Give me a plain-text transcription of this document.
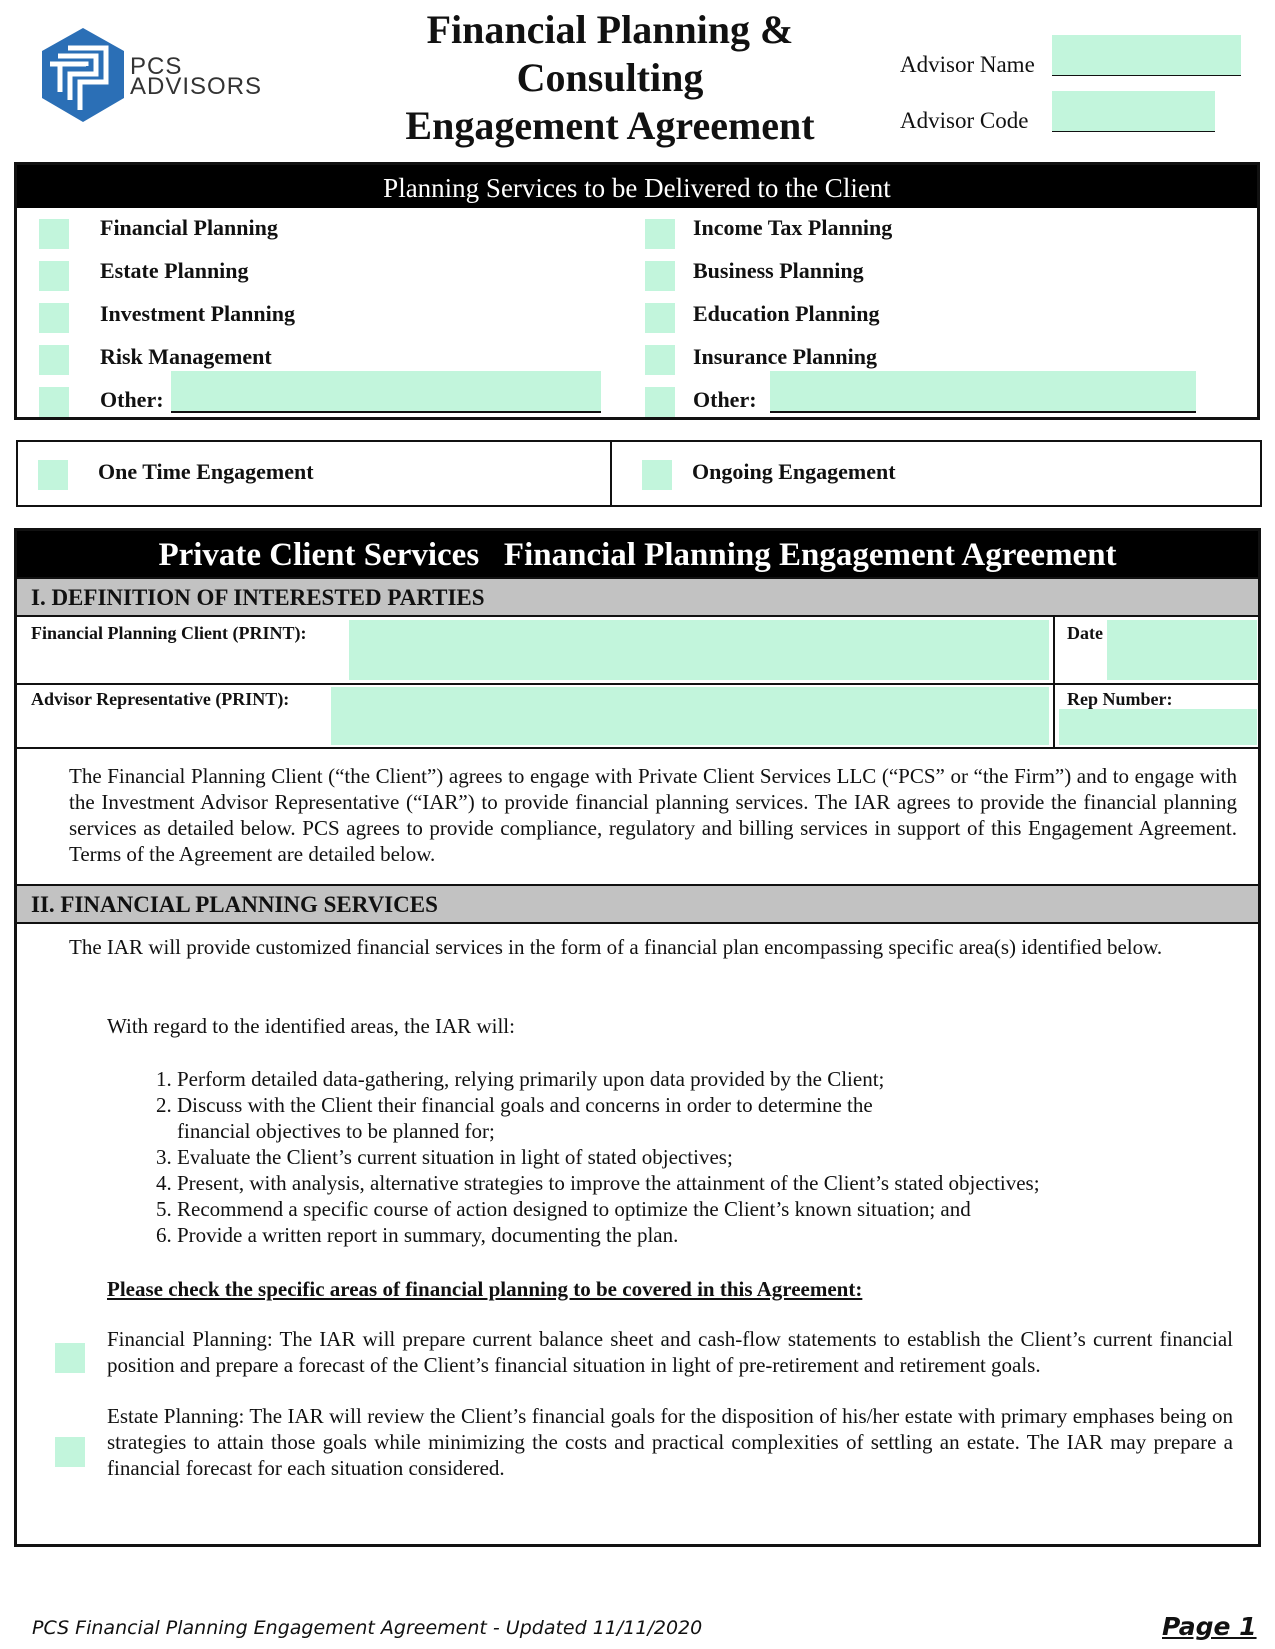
PCS
ADVISORS
Financial Planning &
Consulting
Engagement Agreement
Advisor Name
Advisor Code
Planning Services to be Delivered to the Client
Financial Planning
Estate Planning
Investment Planning
Risk Management
Other:
Income Tax Planning
Business Planning
Education Planning
Insurance Planning
Other:
One Time Engagement	Ongoing Engagement
Private Client Services   Financial Planning Engagement Agreement
I. DEFINITION OF INTERESTED PARTIES
Financial Planning Client (PRINT):	Date
Advisor Representative (PRINT):	Rep Number:
The Financial Planning Client (“the Client”) agrees to engage with Private Client Services LLC (“PCS” or “the Firm”) and to engage with the Investment Advisor Representative (“IAR”) to provide financial planning services. The IAR agrees to provide the financial planning services as detailed below. PCS agrees to provide compliance, regulatory and billing services in support of this Engagement Agreement. Terms of the Agreement are detailed below.
II. FINANCIAL PLANNING SERVICES
The IAR will provide customized financial services in the form of a financial plan encompassing specific area(s) identified below.
With regard to the identified areas, the IAR will:
1. Perform detailed data-gathering, relying primarily upon data provided by the Client;
2. Discuss with the Client their financial goals and concerns in order to determine the financial objectives to be planned for;
3. Evaluate the Client’s current situation in light of stated objectives;
4. Present, with analysis, alternative strategies to improve the attainment of the Client’s stated objectives;
5. Recommend a specific course of action designed to optimize the Client’s known situation; and
6. Provide a written report in summary, documenting the plan.
Please check the specific areas of financial planning to be covered in this Agreement:
Financial Planning: The IAR will prepare current balance sheet and cash-flow statements to establish the Client’s current financial position and prepare a forecast of the Client’s financial situation in light of pre-retirement and retirement goals.
Estate Planning: The IAR will review the Client’s financial goals for the disposition of his/her estate with primary emphases being on strategies to attain those goals while minimizing the costs and practical complexities of settling an estate. The IAR may prepare a financial forecast for each situation considered.
PCS Financial Planning Engagement Agreement - Updated 11/11/2020	Page 1
